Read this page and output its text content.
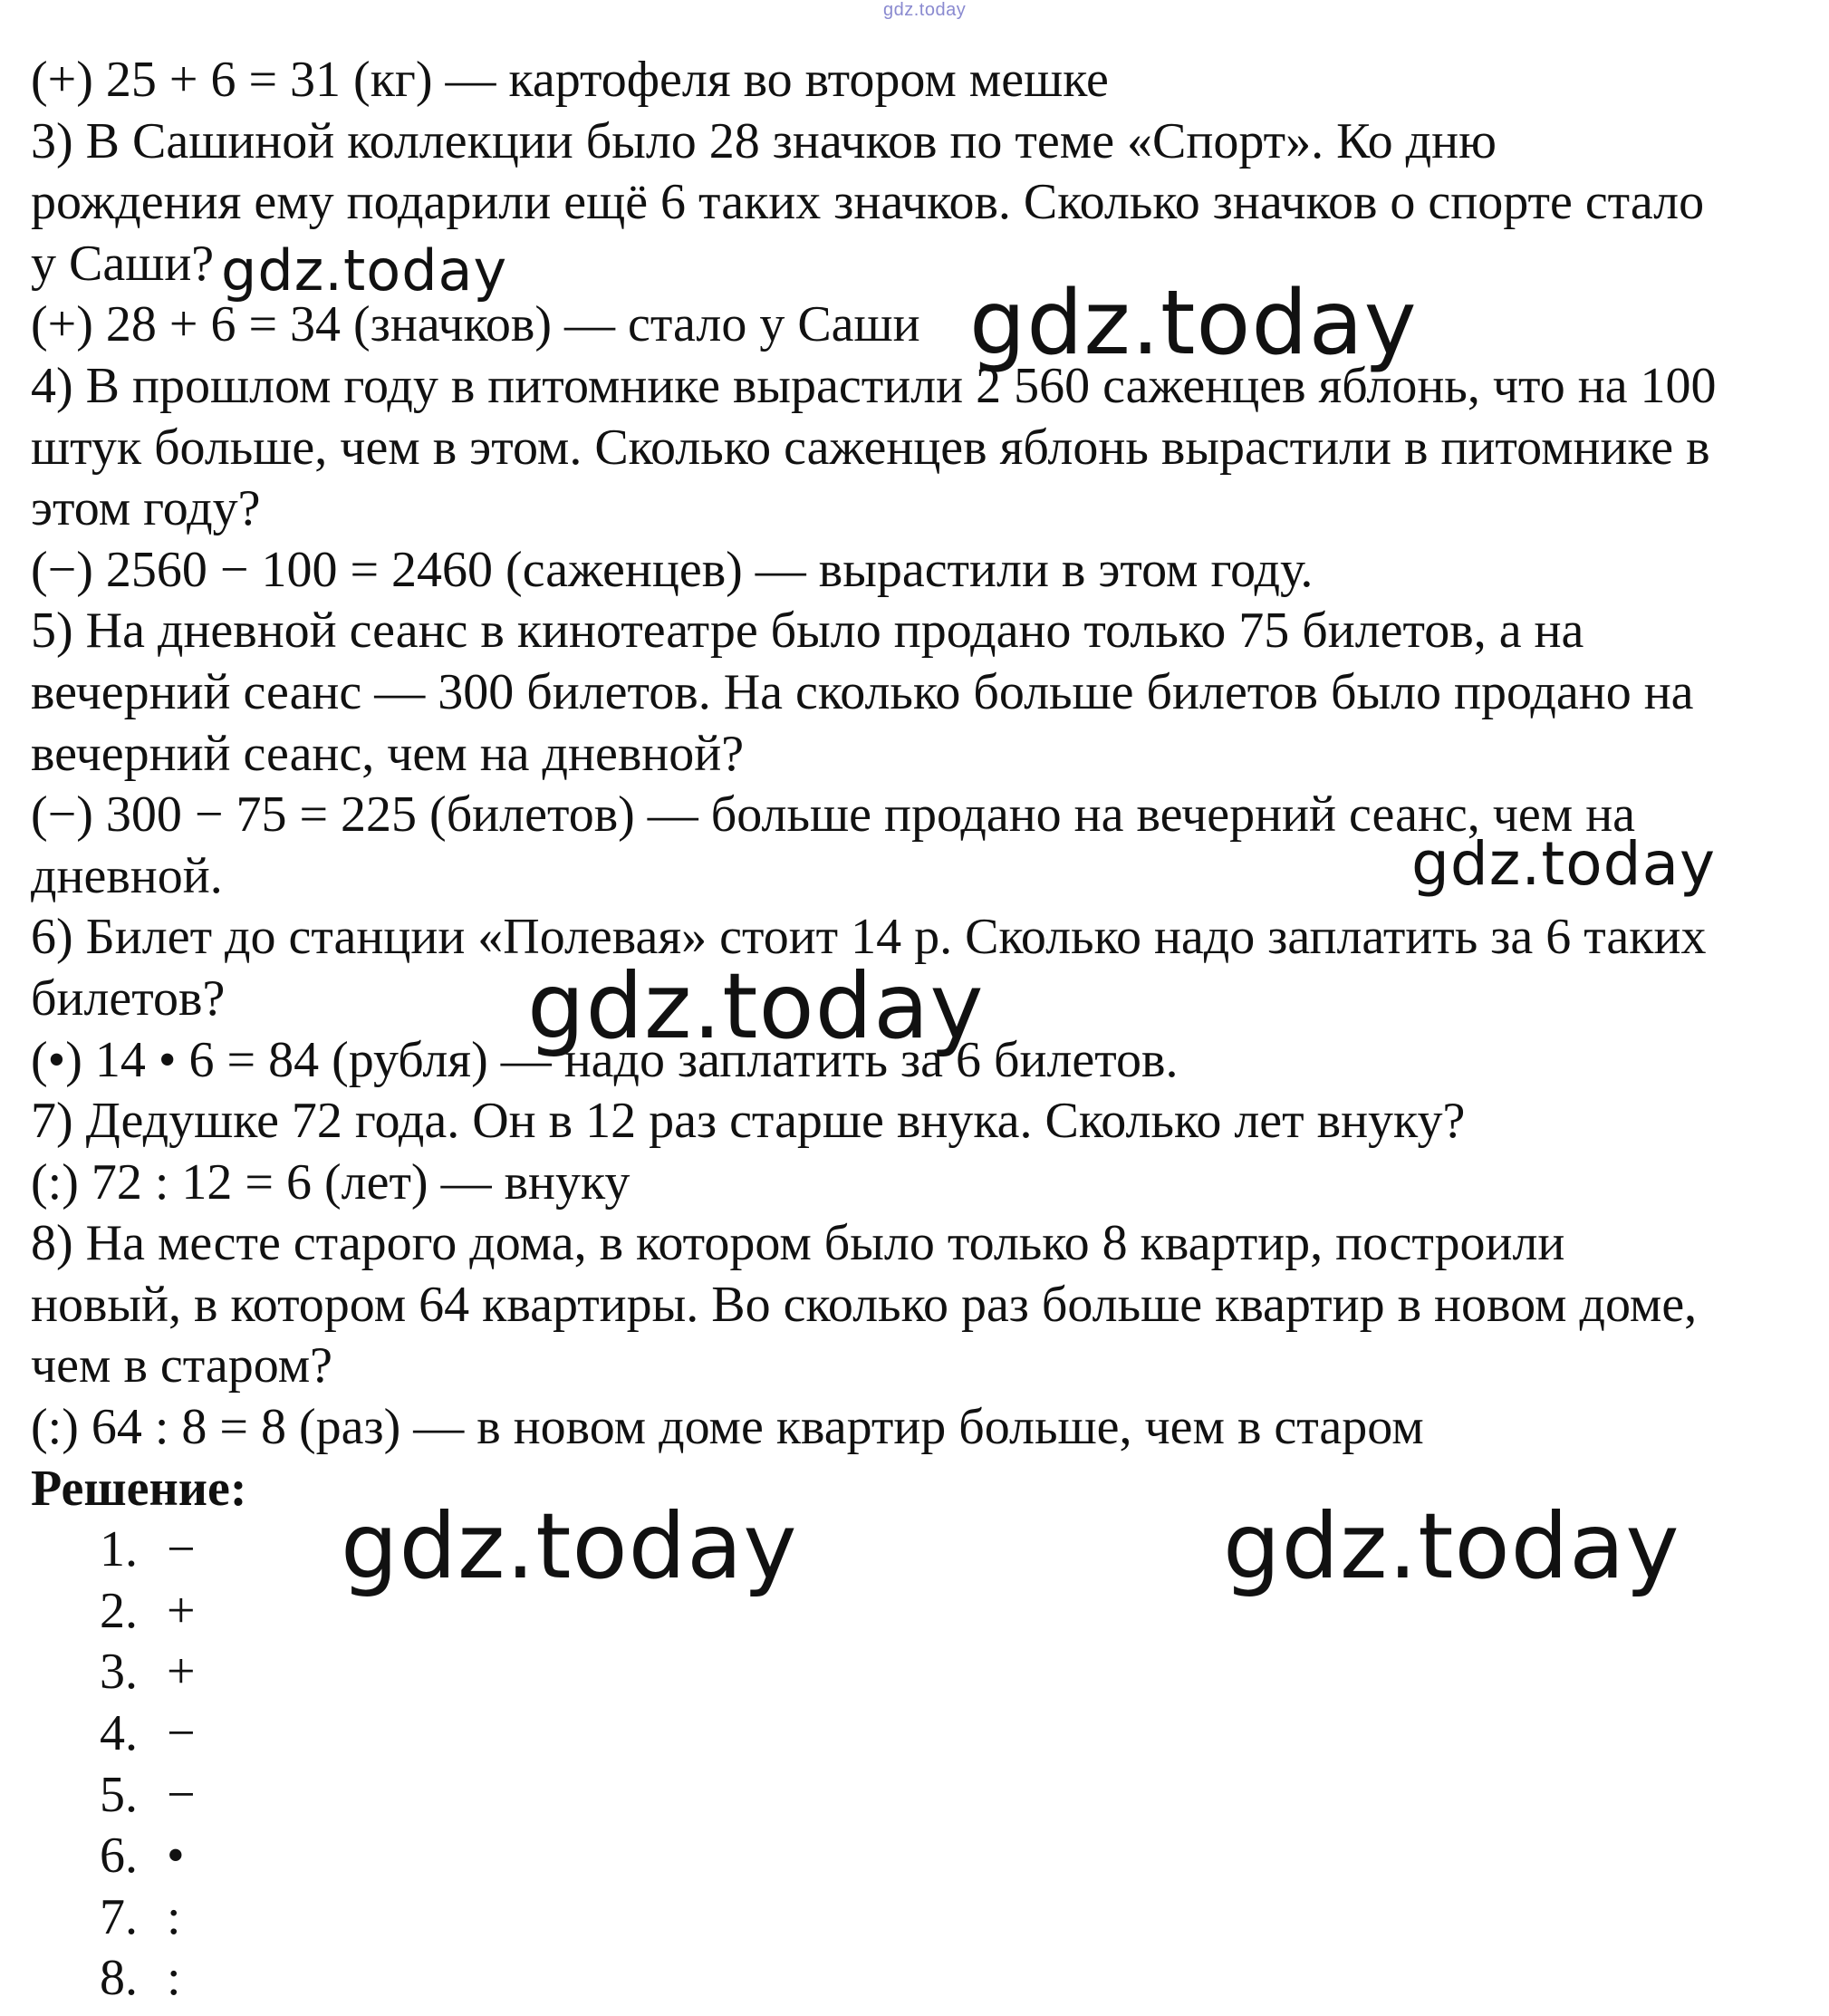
gdz.today
(+) 25 + 6 = 31 (кг) — картофеля во втором мешке
3) В Сашиной коллекции было 28 значков по теме «Спорт». Ко дню
рождения ему подарили ещё 6 таких значков. Сколько значков о спорте стало
у Саши?
(+) 28 + 6 = 34 (значков) — стало у Саши
4) В прошлом году в питомнике вырастили 2 560 саженцев яблонь, что на 100
штук больше, чем в этом. Сколько саженцев яблонь вырастили в питомнике в
этом году?
(−) 2560 − 100 = 2460 (саженцев) — вырастили в этом году.
5) На дневной сеанс в кинотеатре было продано только 75 билетов, а на
вечерний сеанс — 300 билетов. На сколько больше билетов было продано на
вечерний сеанс, чем на дневной?
(−) 300 − 75 = 225 (билетов) — больше продано на вечерний сеанс, чем на
дневной.
6) Билет до станции «Полевая» стоит 14 р. Сколько надо заплатить за 6 таких
билетов?
(•) 14 • 6 = 84 (рубля) — надо заплатить за 6 билетов.
7) Дедушке 72 года. Он в 12 раз старше внука. Сколько лет внуку?
(:) 72 : 12 = 6 (лет) — внуку
8) На месте старого дома, в котором было только 8 квартир, построили
новый, в котором 64 квартиры. Во сколько раз больше квартир в новом доме,
чем в старом?
(:) 64 : 8 = 8 (раз) — в новом доме квартир больше, чем в старом
Решение:
1. −
2. +
3. +
4. −
5. −
6. •
7. :
8. :
gdz.today
gdz.today
gdz.today
gdz.today
gdz.today	gdz.today
